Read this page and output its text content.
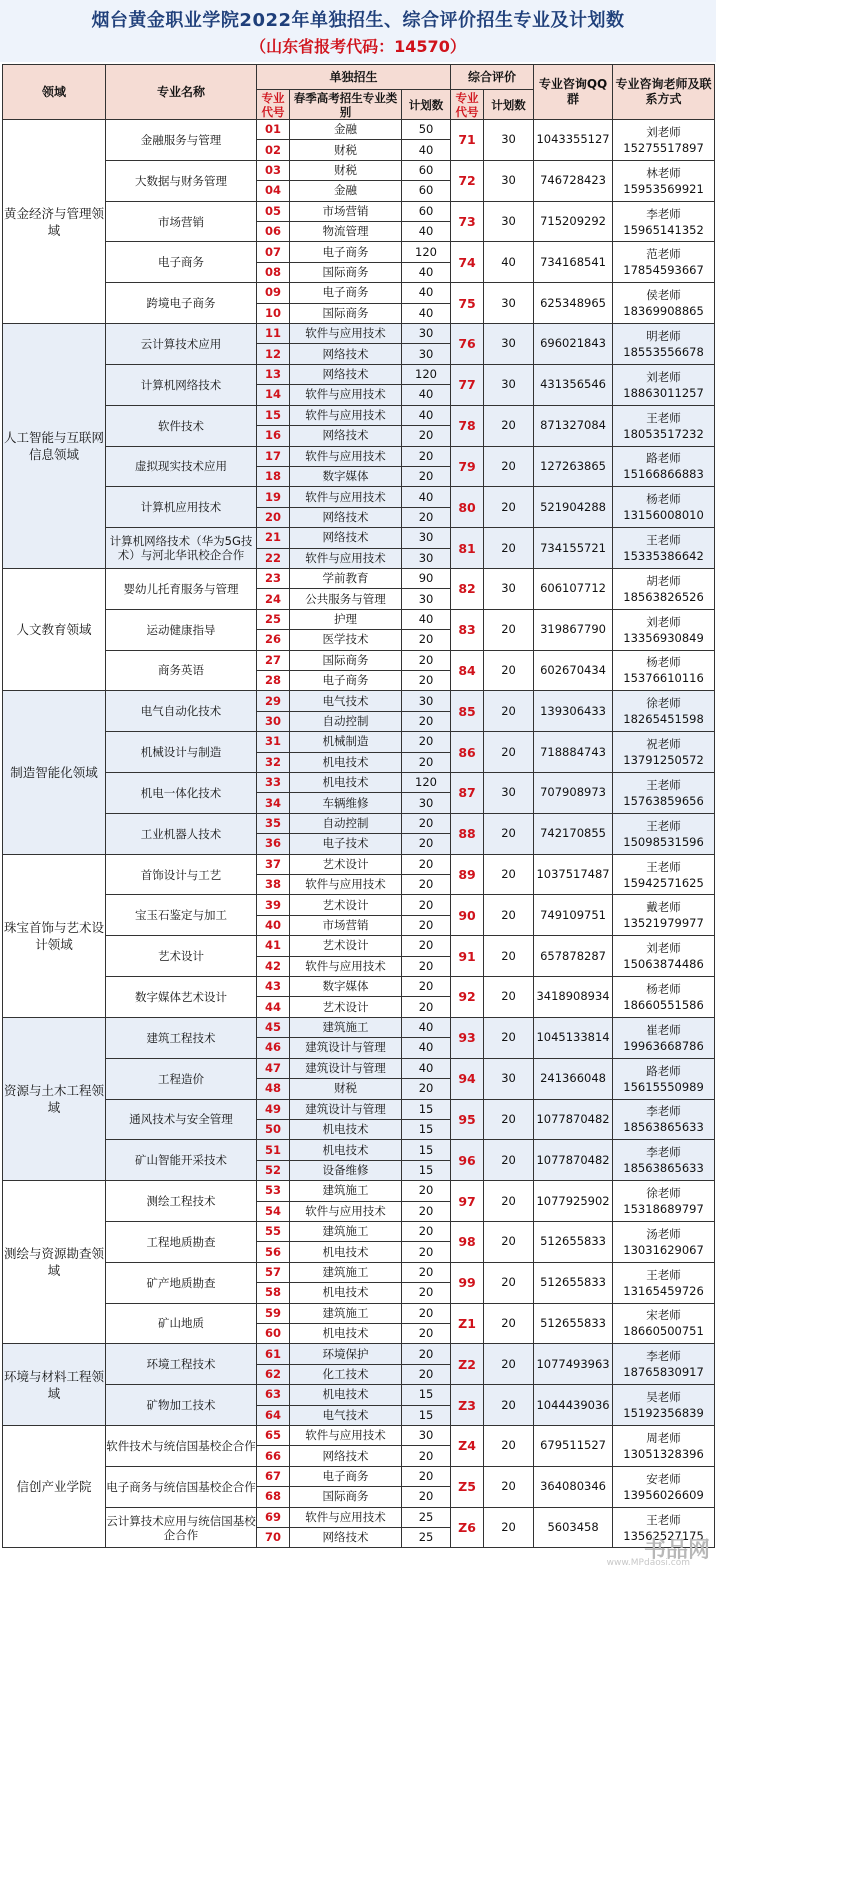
烟台黄金职业学院2022年单独招生、综合评价招生专业及计划数
（山东省报考代码：14570）
领域	专业名称	单独招生			综合评价		专业咨询QQ群	专业咨询老师及联系方式
		专业代号	春季高考招生专业类别	计划数	专业代号	计划数		
黄金经济与管理领域	金融服务与管理	01	金融	50	71	30	1043355127	刘老师
15275517897

		02	财税	40				
	大数据与财务管理	03	财税	60	72	30	746728423	林老师
15953569921

		04	金融	60				
	市场营销	05	市场营销	60	73	30	715209292	李老师
15965141352

		06	物流管理	40				
	电子商务	07	电子商务	120	74	40	734168541	范老师
17854593667

		08	国际商务	40				
	跨境电子商务	09	电子商务	40	75	30	625348965	侯老师
18369908865

		10	国际商务	40				
人工智能与互联网信息领域	云计算技术应用	11	软件与应用技术	30	76	30	696021843	明老师
18553556678

		12	网络技术	30				
	计算机网络技术	13	网络技术	120	77	30	431356546	刘老师
18863011257

		14	软件与应用技术	40				
	软件技术	15	软件与应用技术	40	78	20	871327084	王老师
18053517232

		16	网络技术	20				
	虚拟现实技术应用	17	软件与应用技术	20	79	20	127263865	路老师
15166866883

		18	数字媒体	20				
	计算机应用技术	19	软件与应用技术	40	80	20	521904288	杨老师
13156008010

		20	网络技术	20				
	计算机网络技术（华为5G技术）与河北华讯校企合作	21	网络技术	30	81	20	734155721	王老师
15335386642

		22	软件与应用技术	30				
人文教育领域	婴幼儿托育服务与管理	23	学前教育	90	82	30	606107712	胡老师
18563826526

		24	公共服务与管理	30				
	运动健康指导	25	护理	40	83	20	319867790	刘老师
13356930849

		26	医学技术	20				
	商务英语	27	国际商务	20	84	20	602670434	杨老师
15376610116

		28	电子商务	20				
制造智能化领域	电气自动化技术	29	电气技术	30	85	20	139306433	徐老师
18265451598

		30	自动控制	20				
	机械设计与制造	31	机械制造	20	86	20	718884743	祝老师
13791250572

		32	机电技术	20				
	机电一体化技术	33	机电技术	120	87	30	707908973	王老师
15763859656

		34	车辆维修	30				
	工业机器人技术	35	自动控制	20	88	20	742170855	王老师
15098531596

		36	电子技术	20				
珠宝首饰与艺术设计领域	首饰设计与工艺	37	艺术设计	20	89	20	1037517487	王老师
15942571625

		38	软件与应用技术	20				
	宝玉石鉴定与加工	39	艺术设计	20	90	20	749109751	戴老师
13521979977

		40	市场营销	20				
	艺术设计	41	艺术设计	20	91	20	657878287	刘老师
15063874486

		42	软件与应用技术	20				
	数字媒体艺术设计	43	数字媒体	20	92	20	3418908934	杨老师
18660551586

		44	艺术设计	20				
资源与土木工程领域	建筑工程技术	45	建筑施工	40	93	20	1045133814	崔老师
19963668786

		46	建筑设计与管理	40				
	工程造价	47	建筑设计与管理	40	94	30	241366048	路老师
15615550989

		48	财税	20				
	通风技术与安全管理	49	建筑设计与管理	15	95	20	1077870482	李老师
18563865633

		50	机电技术	15				
	矿山智能开采技术	51	机电技术	15	96	20	1077870482	李老师
18563865633

		52	设备维修	15				
测绘与资源勘查领域	测绘工程技术	53	建筑施工	20	97	20	1077925902	徐老师
15318689797

		54	软件与应用技术	20				
	工程地质勘查	55	建筑施工	20	98	20	512655833	汤老师
13031629067

		56	机电技术	20				
	矿产地质勘查	57	建筑施工	20	99	20	512655833	王老师
13165459726

		58	机电技术	20				
	矿山地质	59	建筑施工	20	Z1	20	512655833	宋老师
18660500751

		60	机电技术	20				
环境与材料工程领域	环境工程技术	61	环境保护	20	Z2	20	1077493963	李老师
18765830917

		62	化工技术	20				
	矿物加工技术	63	机电技术	15	Z3	20	1044439036	吴老师
15192356839

		64	电气技术	15				
信创产业学院	软件技术与统信国基校企合作	65	软件与应用技术	30	Z4	20	679511527	周老师
13051328396

		66	网络技术	20				
	电子商务与统信国基校企合作	67	电子商务	20	Z5	20	364080346	安老师
13956026609

		68	国际商务	20				
	云计算技术应用与统信国基校企合作	69	软件与应用技术	25	Z6	20	5603458	王老师
13562527175

		70	网络技术	25				
书品网
www.MPdaosi.com
